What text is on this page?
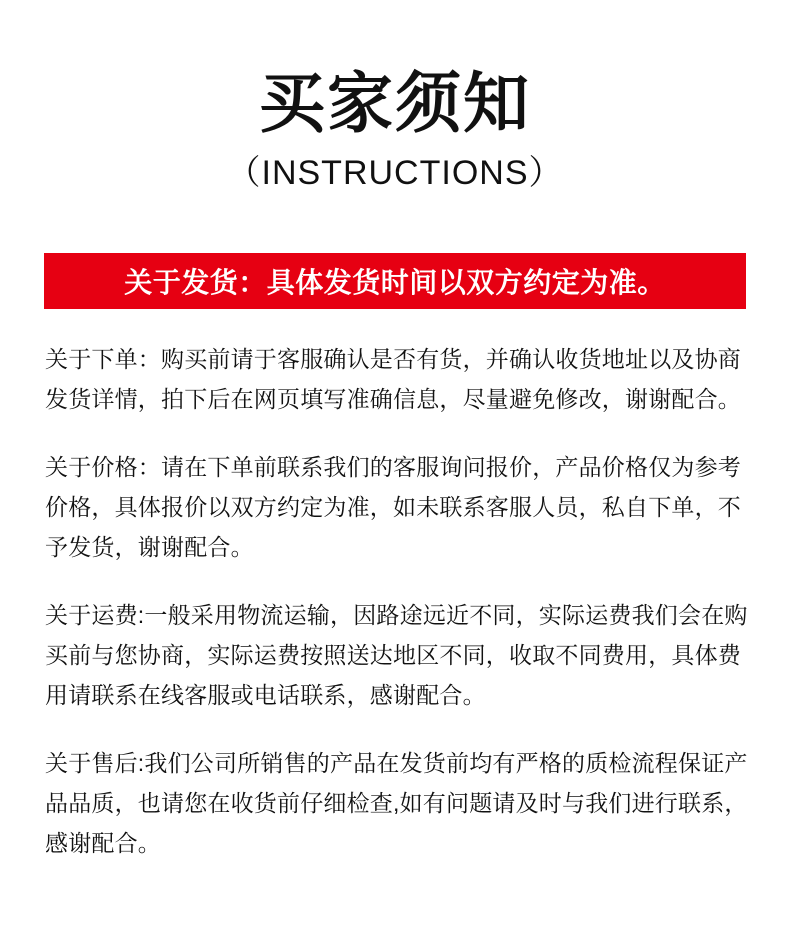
买家须知
（INSTRUCTIONS）
关于发货：具体发货时间以双方约定为准。
关于下单：购买前请于客服确认是否有货，并确认收货地址以及协商
发货详情，拍下后在网页填写准确信息，尽量避免修改，谢谢配合。
关于价格：请在下单前联系我们的客服询问报价，产品价格仅为参考
价格，具体报价以双方约定为准，如未联系客服人员，私自下单，不
予发货，谢谢配合。
关于运费:一般采用物流运输，因路途远近不同，实际运费我们会在购
买前与您协商，实际运费按照送达地区不同，收取不同费用，具体费
用请联系在线客服或电话联系，感谢配合。
关于售后:我们公司所销售的产品在发货前均有严格的质检流程保证产
品品质，也请您在收货前仔细检查,如有问题请及时与我们进行联系，
感谢配合。
